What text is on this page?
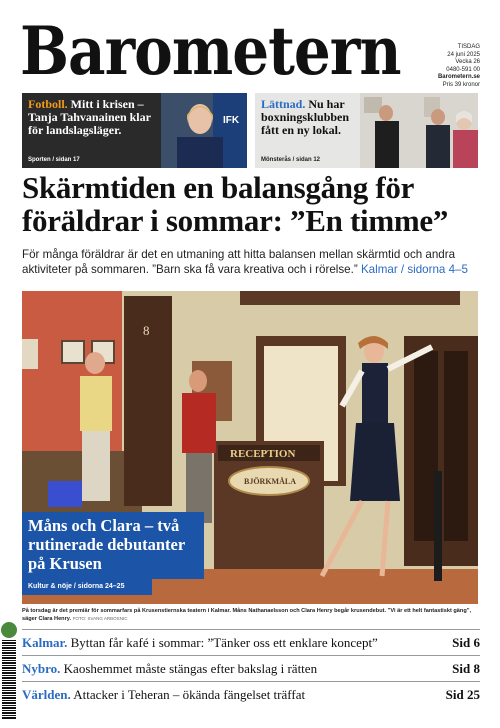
Barometern	TISDAG
24 juni 2025
Vecka 26
0480-591 00
Barometern.se
Pris 39 kronor
Fotboll. Mitt i krisen – Tanja Tahvanainen klar för landslagsläger.
Sporten / sidan 17
IFK
Lättnad. Nu har boxningsklubben fått en ny lokal.
Mönsterås / sidan 12
Skärmtiden en balansgång för föräldrar i sommar: ”En timme”

För många föräldrar är det en utmaning att hitta balansen mellan skärmtid och andra aktiviteter på sommaren. ”Barn ska få vara kreativa och i rörelse.” Kalmar / sidorna 4–5

8
RECEPTION
BJÖRKMÅLA
Måns och Clara – två rutinerade debutanter på Krusen
Kultur & nöje / sidorna 24–25

På torsdag är det premiär för sommarfars på Krusenstiernska teatern i Kalmar. Måns Nathanaelsson och Clara Henry begår krusendebut. ”Vi är ett helt fantastiskt gäng”, säger Clara Henry. FOTO: SVANG ARBOSNIC

Kalmar. Byttan får kafé i sommar: ”Tänker oss ett enklare koncept”	Sid 6
Nybro. Kaoshemmet måste stängas efter bakslag i rätten	Sid 8
Världen. Attacker i Teheran – ökända fängelset träffat	Sid 25
